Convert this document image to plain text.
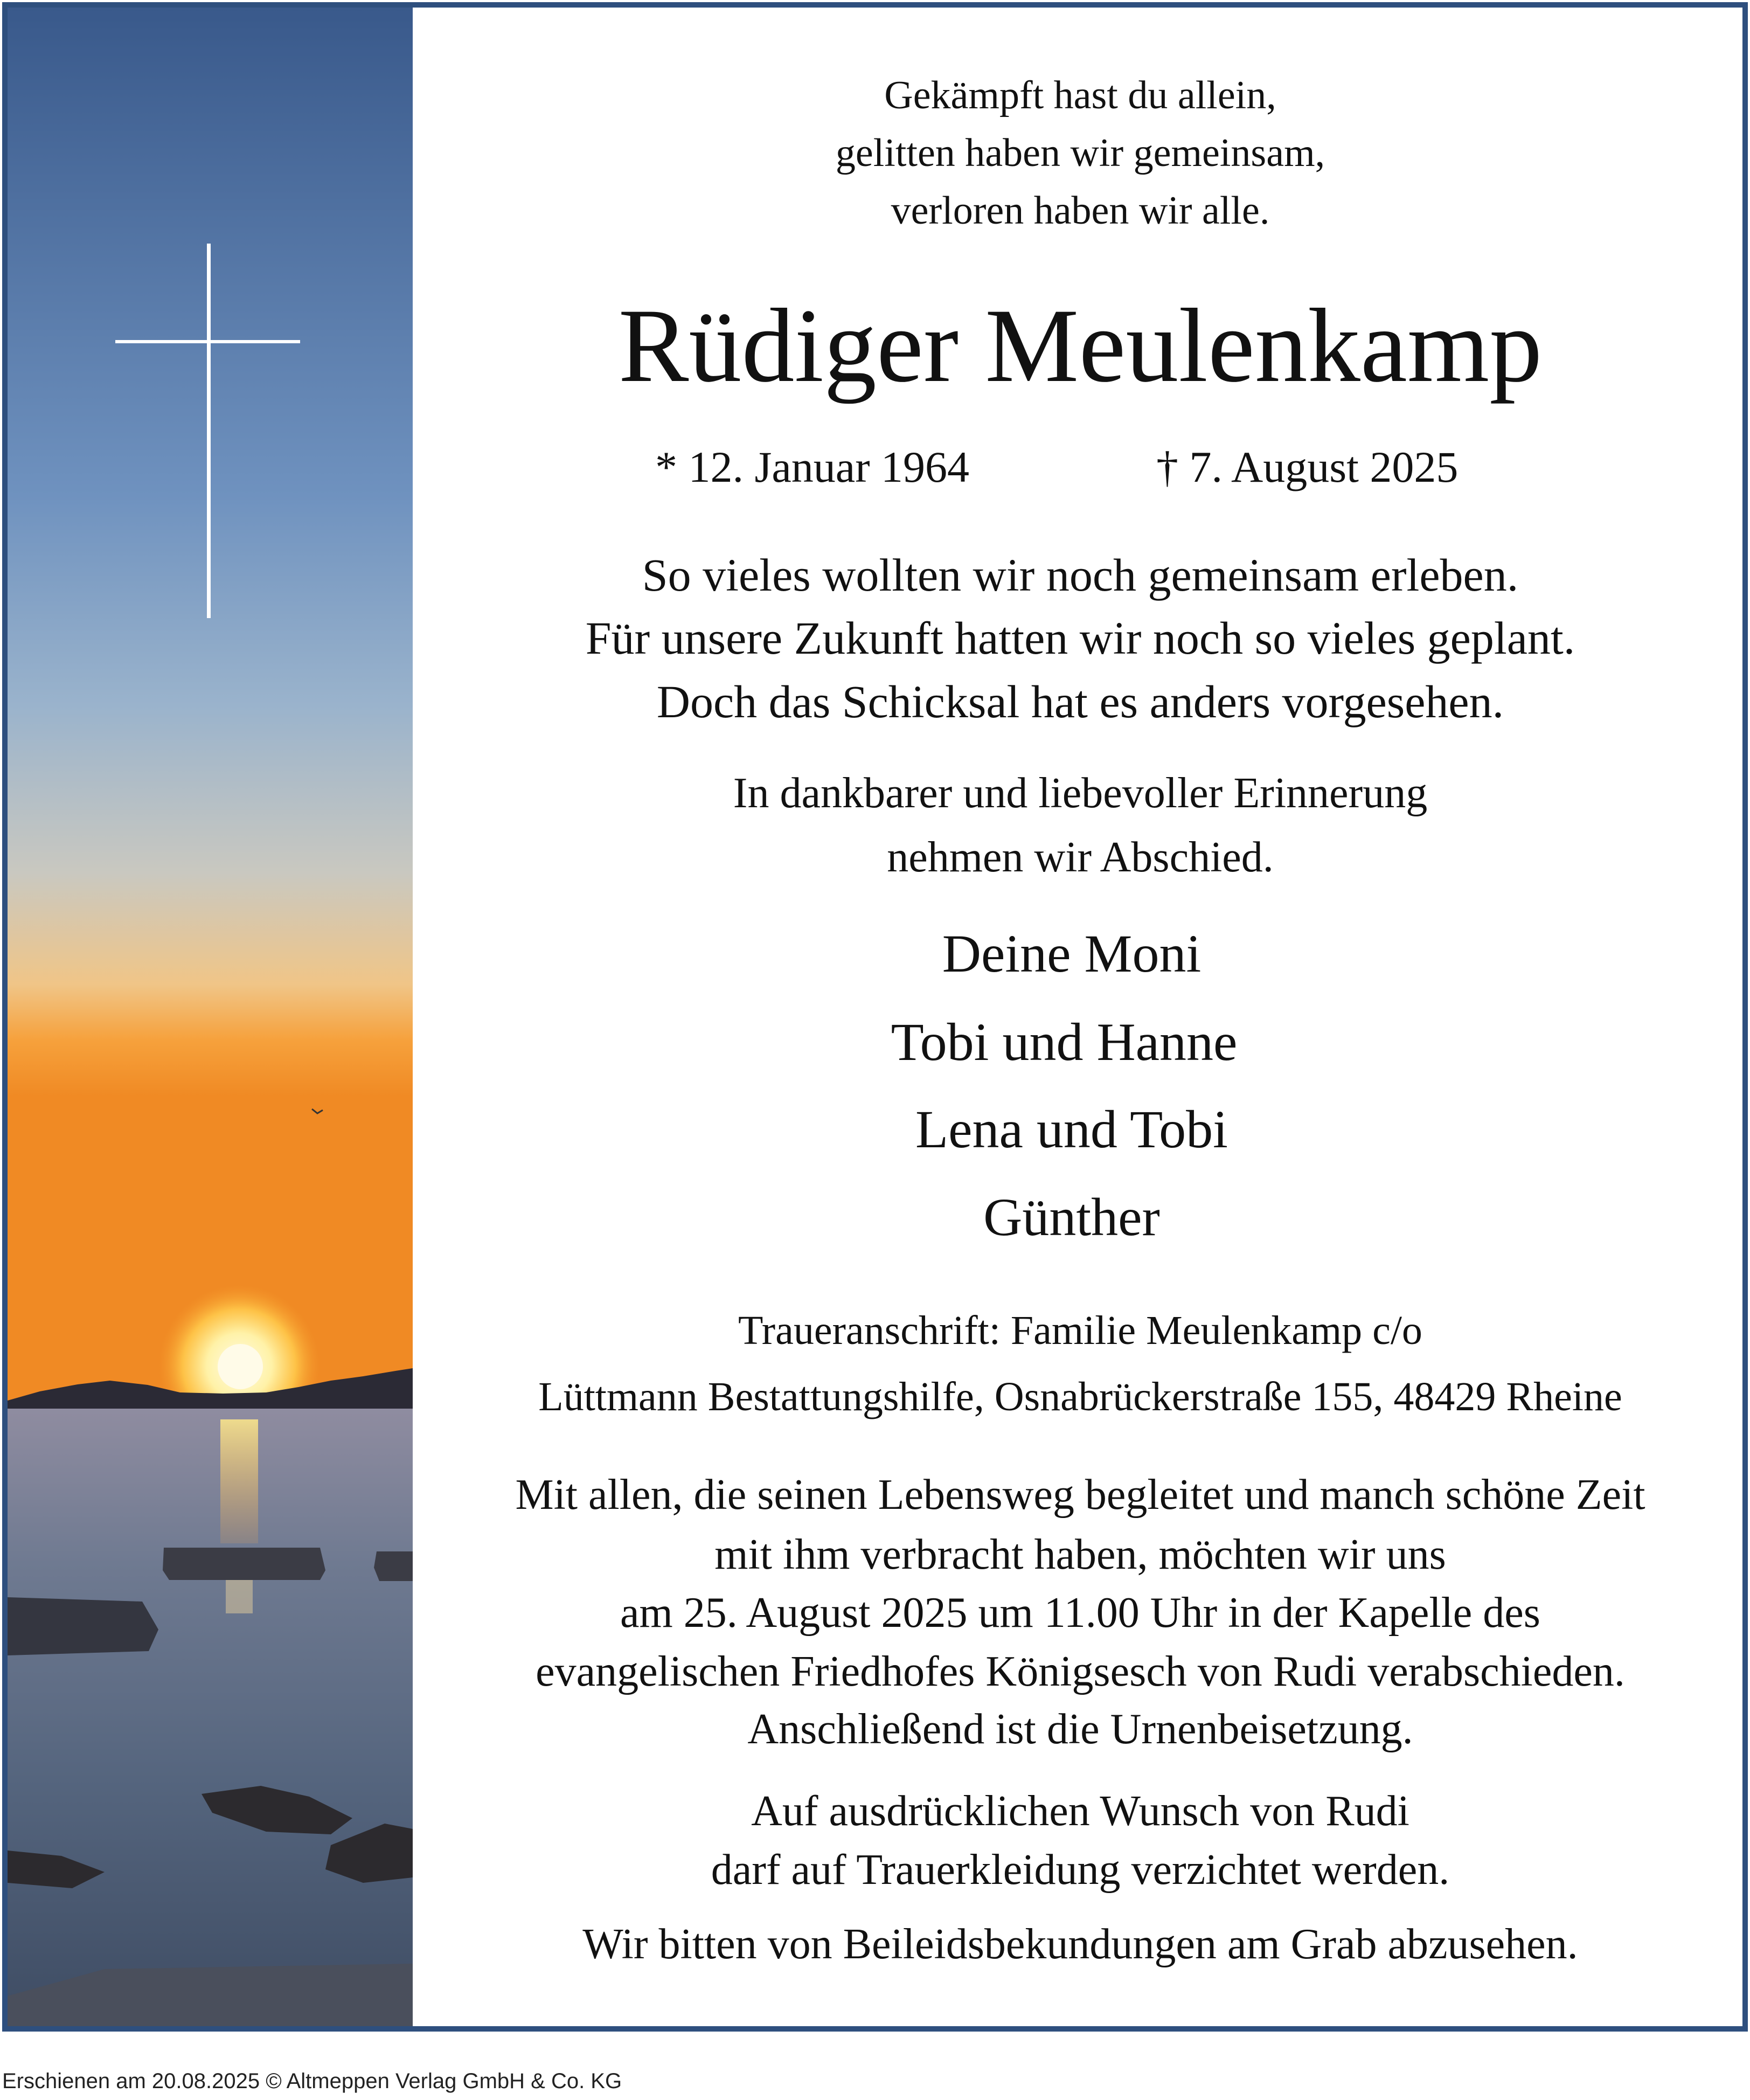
Gekämpft hast du allein,
gelitten haben wir gemeinsam,
verloren haben wir alle.
Rüdiger Meulenkamp
* 12. Januar 1964	† 7. August 2025
So vieles wollten wir noch gemeinsam erleben.
Für unsere Zukunft hatten wir noch so vieles geplant.
Doch das Schicksal hat es anders vorgesehen.
In dankbarer und liebevoller Erinnerung
nehmen wir Abschied.
Deine Moni
Tobi und Hanne
Lena und Tobi
Günther
Traueranschrift: Familie Meulenkamp c/o
Lüttmann Bestattungshilfe, Osnabrückerstraße 155, 48429 Rheine
Mit allen, die seinen Lebensweg begleitet und manch schöne Zeit
mit ihm verbracht haben, möchten wir uns
am 25. August 2025 um 11.00 Uhr in der Kapelle des
evangelischen Friedhofes Königsesch von Rudi verabschieden.
Anschließend ist die Urnenbeisetzung.
Auf ausdrücklichen Wunsch von Rudi
darf auf Trauerkleidung verzichtet werden.
Wir bitten von Beileidsbekundungen am Grab abzusehen.
Erschienen am 20.08.2025 © Altmeppen Verlag GmbH & Co. KG
